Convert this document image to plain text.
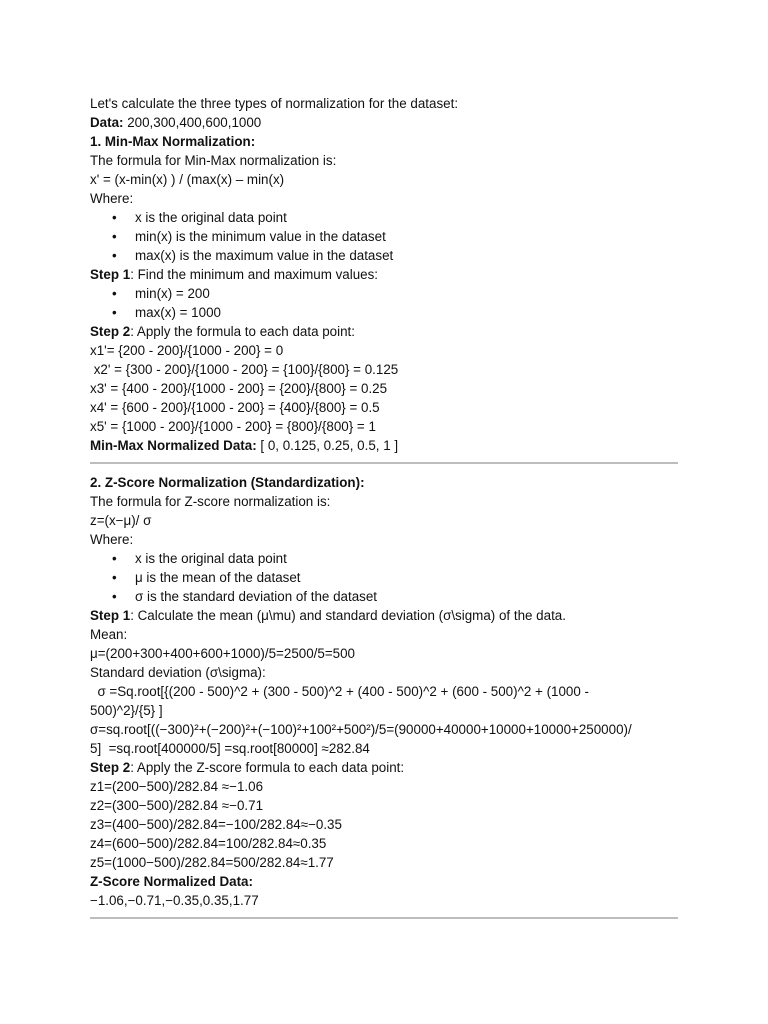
Let's calculate the three types of normalization for the dataset:
Data: 200,300,400,600,1000
1. Min-Max Normalization:
The formula for Min-Max normalization is:
x' = (x-min(x) ) / (max(x) – min(x)
Where:
• x is the original data point
• min(x) is the minimum value in the dataset
• max(x) is the maximum value in the dataset
Step 1: Find the minimum and maximum values:
• min(x) = 200
• max(x) = 1000
Step 2: Apply the formula to each data point:
x1'= {200 - 200}/{1000 - 200} = 0
x2' = {300 - 200}/{1000 - 200} = {100}/{800} = 0.125
x3' = {400 - 200}/{1000 - 200} = {200}/{800} = 0.25
x4' = {600 - 200}/{1000 - 200} = {400}/{800} = 0.5
x5' = {1000 - 200}/{1000 - 200} = {800}/{800} = 1
Min-Max Normalized Data: [ 0, 0.125, 0.25, 0.5, 1 ]
2. Z-Score Normalization (Standardization):
The formula for Z-score normalization is:
z=(x−μ)/ σ
Where:
• x is the original data point
• μ is the mean of the dataset
• σ is the standard deviation of the dataset
Step 1: Calculate the mean (μ\mu) and standard deviation (σ\sigma) of the data.
Mean:
μ=(200+300+400+600+1000)/5=2500/5=500
Standard deviation (σ\sigma):
σ =Sq.root[{(200 - 500)^2 + (300 - 500)^2 + (400 - 500)^2 + (600 - 500)^2 + (1000 -
500)^2}/{5} ]
σ=sq.root[((−300)²+(−200)²+(−100)²+100²+500²)/5=(90000+40000+10000+10000+250000)/
5]  =sq.root[400000/5] =sq.root[80000] ≈282.84
Step 2: Apply the Z-score formula to each data point:
z1=(200−500)/282.84 ≈−1.06
z2=(300−500)/282.84 ≈−0.71
z3=(400−500)/282.84=−100/282.84≈−0.35
z4=(600−500)/282.84=100/282.84≈0.35
z5=(1000−500)/282.84=500/282.84≈1.77
Z-Score Normalized Data:
−1.06,−0.71,−0.35,0.35,1.77
